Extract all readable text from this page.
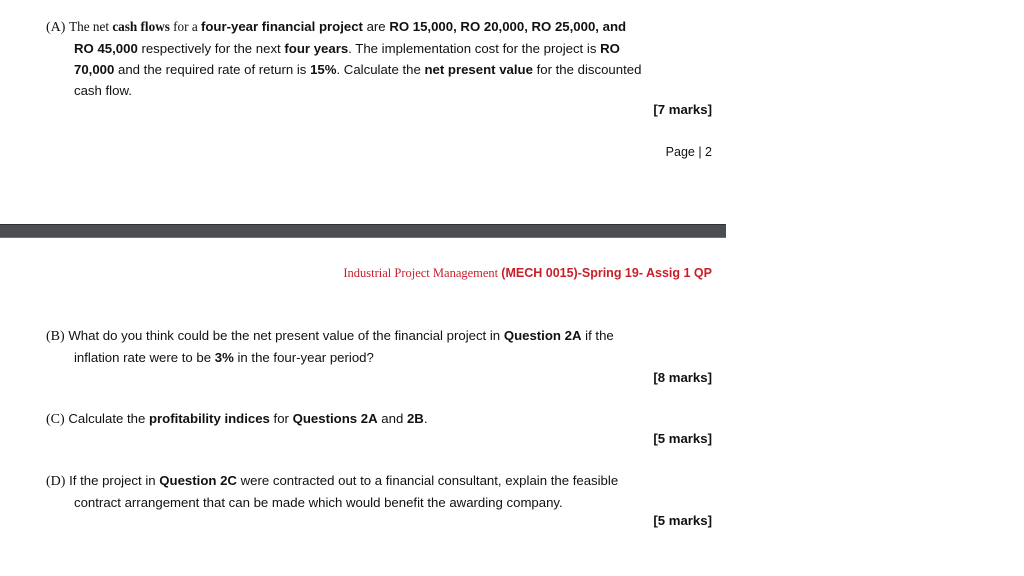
(A) The net cash flows for a four-year financial project are RO 15,000, RO 20,000, RO 25,000, and
RO 45,000 respectively for the next four years. The implementation cost for the project is RO
70,000 and the required rate of return is 15%. Calculate the net present value for the discounted
cash flow.
[7 marks]
Page | 2
Industrial Project Management (MECH 0015)-Spring 19- Assig 1 QP
(B) What do you think could be the net present value of the financial project in Question 2A if the
inflation rate were to be 3% in the four-year period?
[8 marks]
(C) Calculate the profitability indices for Questions 2A and 2B.
[5 marks]
(D) If the project in Question 2C were contracted out to a financial consultant, explain the feasible
contract arrangement that can be made which would benefit the awarding company.
[5 marks]
